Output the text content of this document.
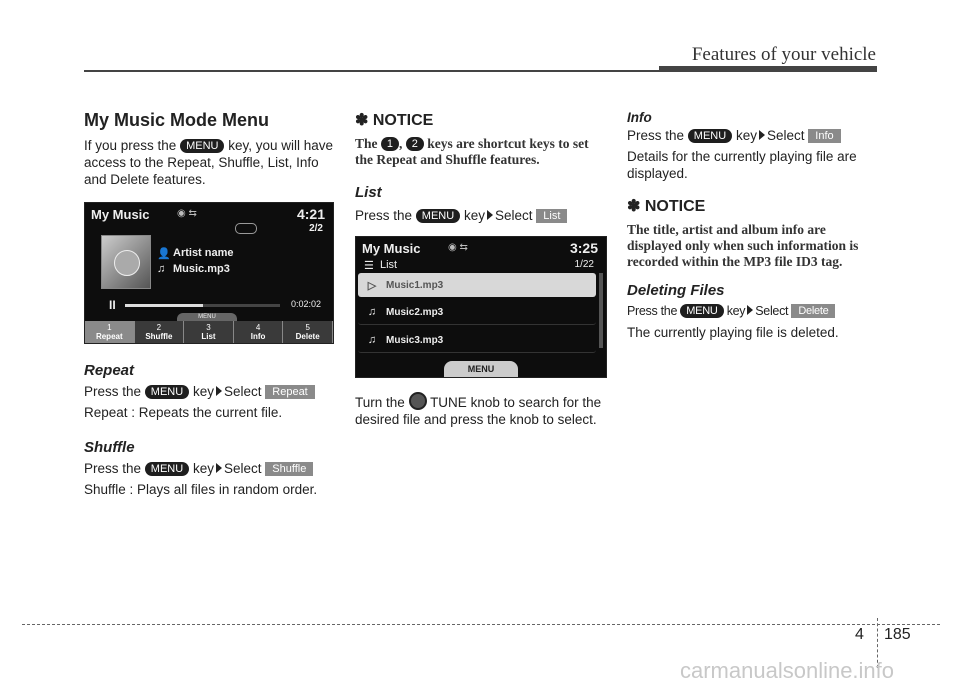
Features of your vehicle
My Music Mode Menu

If you press the MENU key, you will have access to the Repeat, Shuffle, List, Info and Delete features.

My Music	◉ ⇆	4:21
2/2
👤 Artist name
♫ Music.mp3
II	0:02:02
MENU
1
Repeat
2
Shuffle
3
List
4
Info
5
Delete
Repeat

Press the MENU key Select Repeat

Repeat : Repeats the current file.

Shuffle

Press the MENU key Select Shuffle

Shuffle : Plays all files in random order.

✽ NOTICE

The 1 , 2 keys are shortcut keys to set the Repeat and Shuffle features.

List

Press the MENU key Select List

My Music	◉ ⇆	3:25
☰ List	1/22
▷ Music1.mp3
♫ Music2.mp3
♫ Music3.mp3
MENU

Turn the TUNE knob to search for the desired file and press the knob to select.

Info

Press the MENU key Select Info

Details for the currently playing file are displayed.

✽ NOTICE

The title, artist and album info are displayed only when such information is recorded within the MP3 file ID3 tag.

Deleting Files

Press the MENU key Select Delete

The currently playing file is deleted.

4 185
carmanualsonline.info
